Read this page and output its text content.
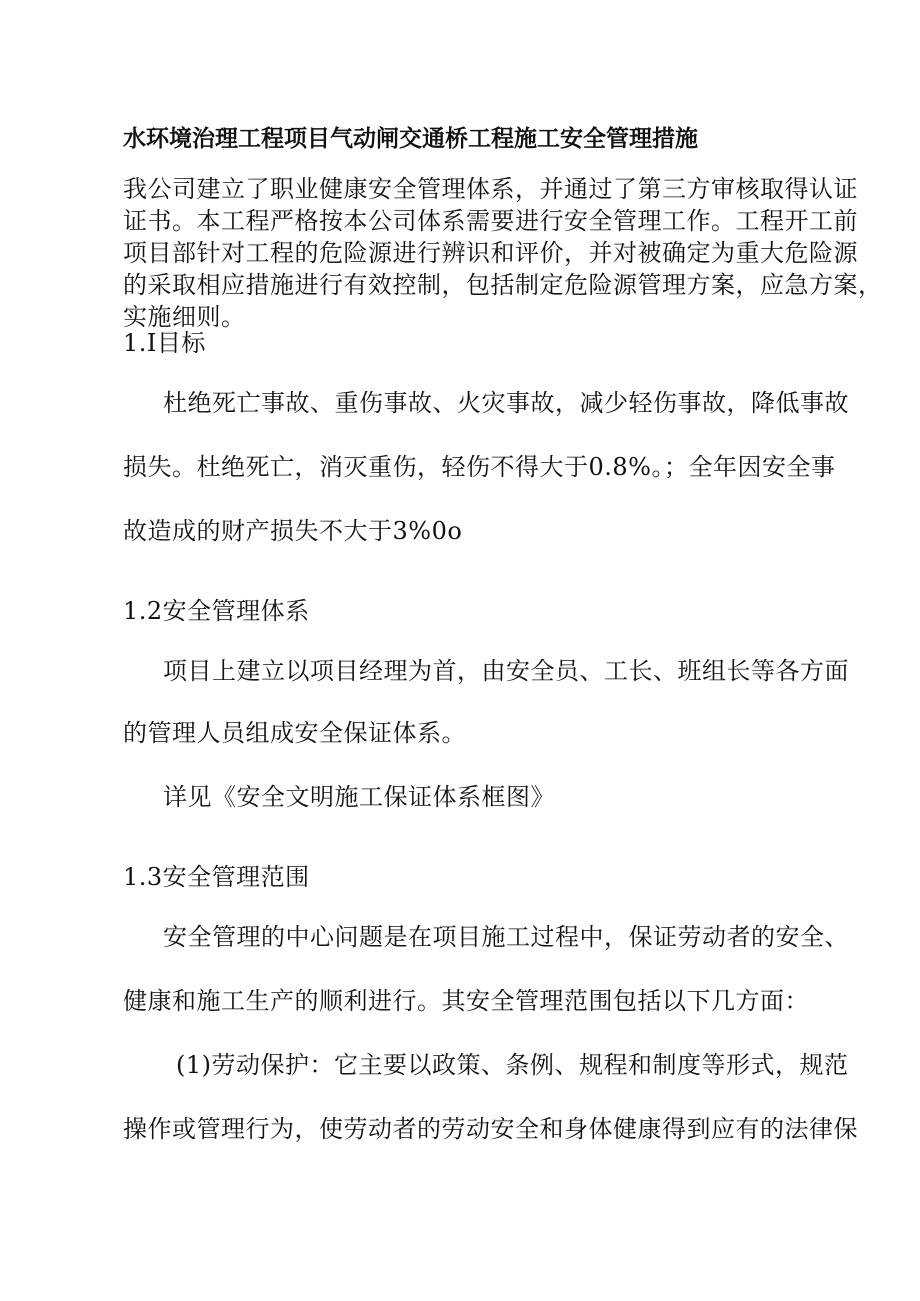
水环境治理工程项目气动闸交通桥工程施工安全管理措施
我公司建立了职业健康安全管理体系，并通过了第三方审核取得认证
证书。本工程严格按本公司体系需要进行安全管理工作。工程开工前
项目部针对工程的危险源进行辨识和评价，并对被确定为重大危险源
的采取相应措施进行有效控制，包括制定危险源管理方案，应急方案，
实施细则。
1.I目标
杜绝死亡事故、重伤事故、火灾事故，减少轻伤事故，降低事故
损失。杜绝死亡，消灭重伤，轻伤不得大于0.8%。；全年因安全事
故造成的财产损失不大于3%0o
1.2安全管理体系
项目上建立以项目经理为首，由安全员、工长、班组长等各方面
的管理人员组成安全保证体系。
详见《安全文明施工保证体系框图》
1.3安全管理范围
安全管理的中心问题是在项目施工过程中，保证劳动者的安全、
健康和施工生产的顺利进行。其安全管理范围包括以下几方面：
(1)劳动保护：它主要以政策、条例、规程和制度等形式，规范
操作或管理行为，使劳动者的劳动安全和身体健康得到应有的法律保
